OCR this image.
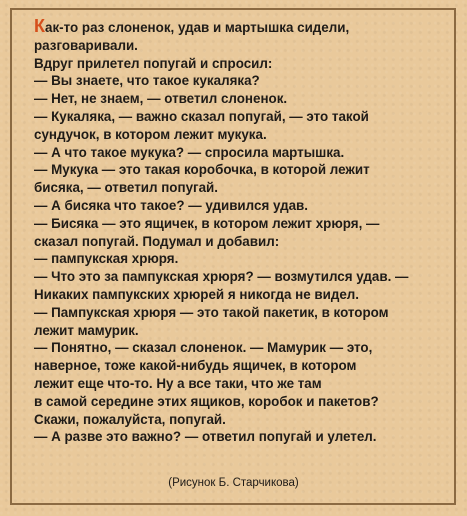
Как-то раз слоненок, удав и мартышка сидели,
разговаривали.
Вдруг прилетел попугай и спросил:
— Вы знаете, что такое кукаляка?
— Нет, не знаем, — ответил слоненок.
— Кукаляка, — важно сказал попугай, — это такой
сундучок, в котором лежит мукука.
— А что такое мукука? — спросила мартышка.
— Мукука — это такая коробочка, в которой лежит
бисяка, — ответил попугай.
— А бисяка что такое? — удивился удав.
— Бисяка — это ящичек, в котором лежит хрюря, —
сказал попугай. Подумал и добавил:
— пампукская хрюря.
— Что это за пампукская хрюря? — возмутился удав. —
Никаких пампукских хрюрей я никогда не видел.
— Пампукская хрюря — это такой пакетик, в котором
лежит мамурик.
— Понятно, — сказал слоненок. — Мамурик — это,
наверное, тоже какой-нибудь ящичек, в котором
лежит еще что-то. Ну а все таки, что же там
в самой середине этих ящиков, коробок и пакетов?
Скажи, пожалуйста, попугай.
— А разве это важно? — ответил попугай и улетел.
(Рисунок Б. Старчикова)
